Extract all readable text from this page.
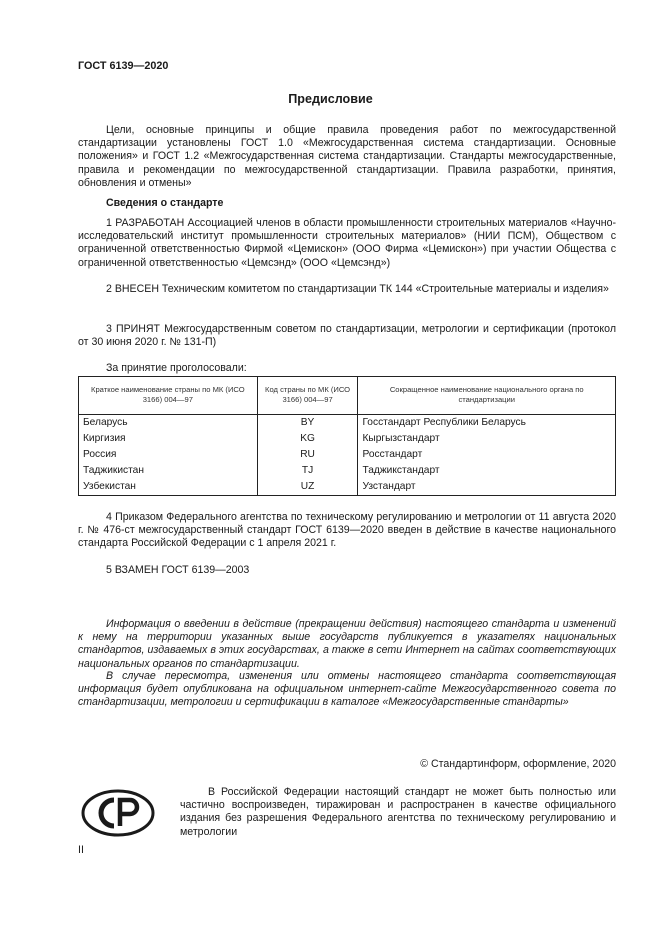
ГОСТ 6139—2020
Предисловие
Цели, основные принципы и общие правила проведения работ по межгосударственной стандартизации установлены ГОСТ 1.0 «Межгосударственная система стандартизации. Основные положения» и ГОСТ 1.2 «Межгосударственная система стандартизации. Стандарты межгосударственные, правила и рекомендации по межгосударственной стандартизации. Правила разработки, принятия, обновления и отмены»
Сведения о стандарте
1 РАЗРАБОТАН Ассоциацией членов в области промышленности строительных материалов «Научно-исследовательский институт промышленности строительных материалов» (НИИ ПСМ), Обществом с ограниченной ответственностью Фирмой «Цемискон» (ООО Фирма «Цемискон») при участии Общества с ограниченной ответственностью «Цемсэнд» (ООО «Цемсэнд»)
2 ВНЕСЕН Техническим комитетом по стандартизации ТК 144 «Строительные материалы и изделия»
3 ПРИНЯТ Межгосударственным советом по стандартизации, метрологии и сертификации (протокол от 30 июня 2020 г. № 131-П)
За принятие проголосовали:
Краткое наименование страны по МК (ИСО 3166) 004—97	Код страны по МК (ИСО 3166) 004—97	Сокращенное наименование национального органа по стандартизации
Беларусь	BY	Госстандарт Республики Беларусь
Киргизия	KG	Кыргызстандарт
Россия	RU	Росстандарт
Таджикистан	TJ	Таджикстандарт
Узбекистан	UZ	Узстандарт
4 Приказом Федерального агентства по техническому регулированию и метрологии от 11 августа 2020 г. № 476-ст межгосударственный стандарт ГОСТ 6139—2020 введен в действие в качестве национального стандарта Российской Федерации с 1 апреля 2021 г.
5 ВЗАМЕН ГОСТ 6139—2003
Информация о введении в действие (прекращении действия) настоящего стандарта и изменений к нему на территории указанных выше государств публикуется в указателях национальных стандартов, издаваемых в этих государствах, а также в сети Интернет на сайтах соответствующих национальных органов по стандартизации.
В случае пересмотра, изменения или отмены настоящего стандарта соответствующая информация будет опубликована на официальном интернет-сайте Межгосударственного совета по стандартизации, метрологии и сертификации в каталоге «Межгосударственные стандарты»
© Стандартинформ, оформление, 2020
В Российской Федерации настоящий стандарт не может быть полностью или частично воспроизведен, тиражирован и распространен в качестве официального издания без разрешения Федерального агентства по техническому регулированию и метрологии
II
